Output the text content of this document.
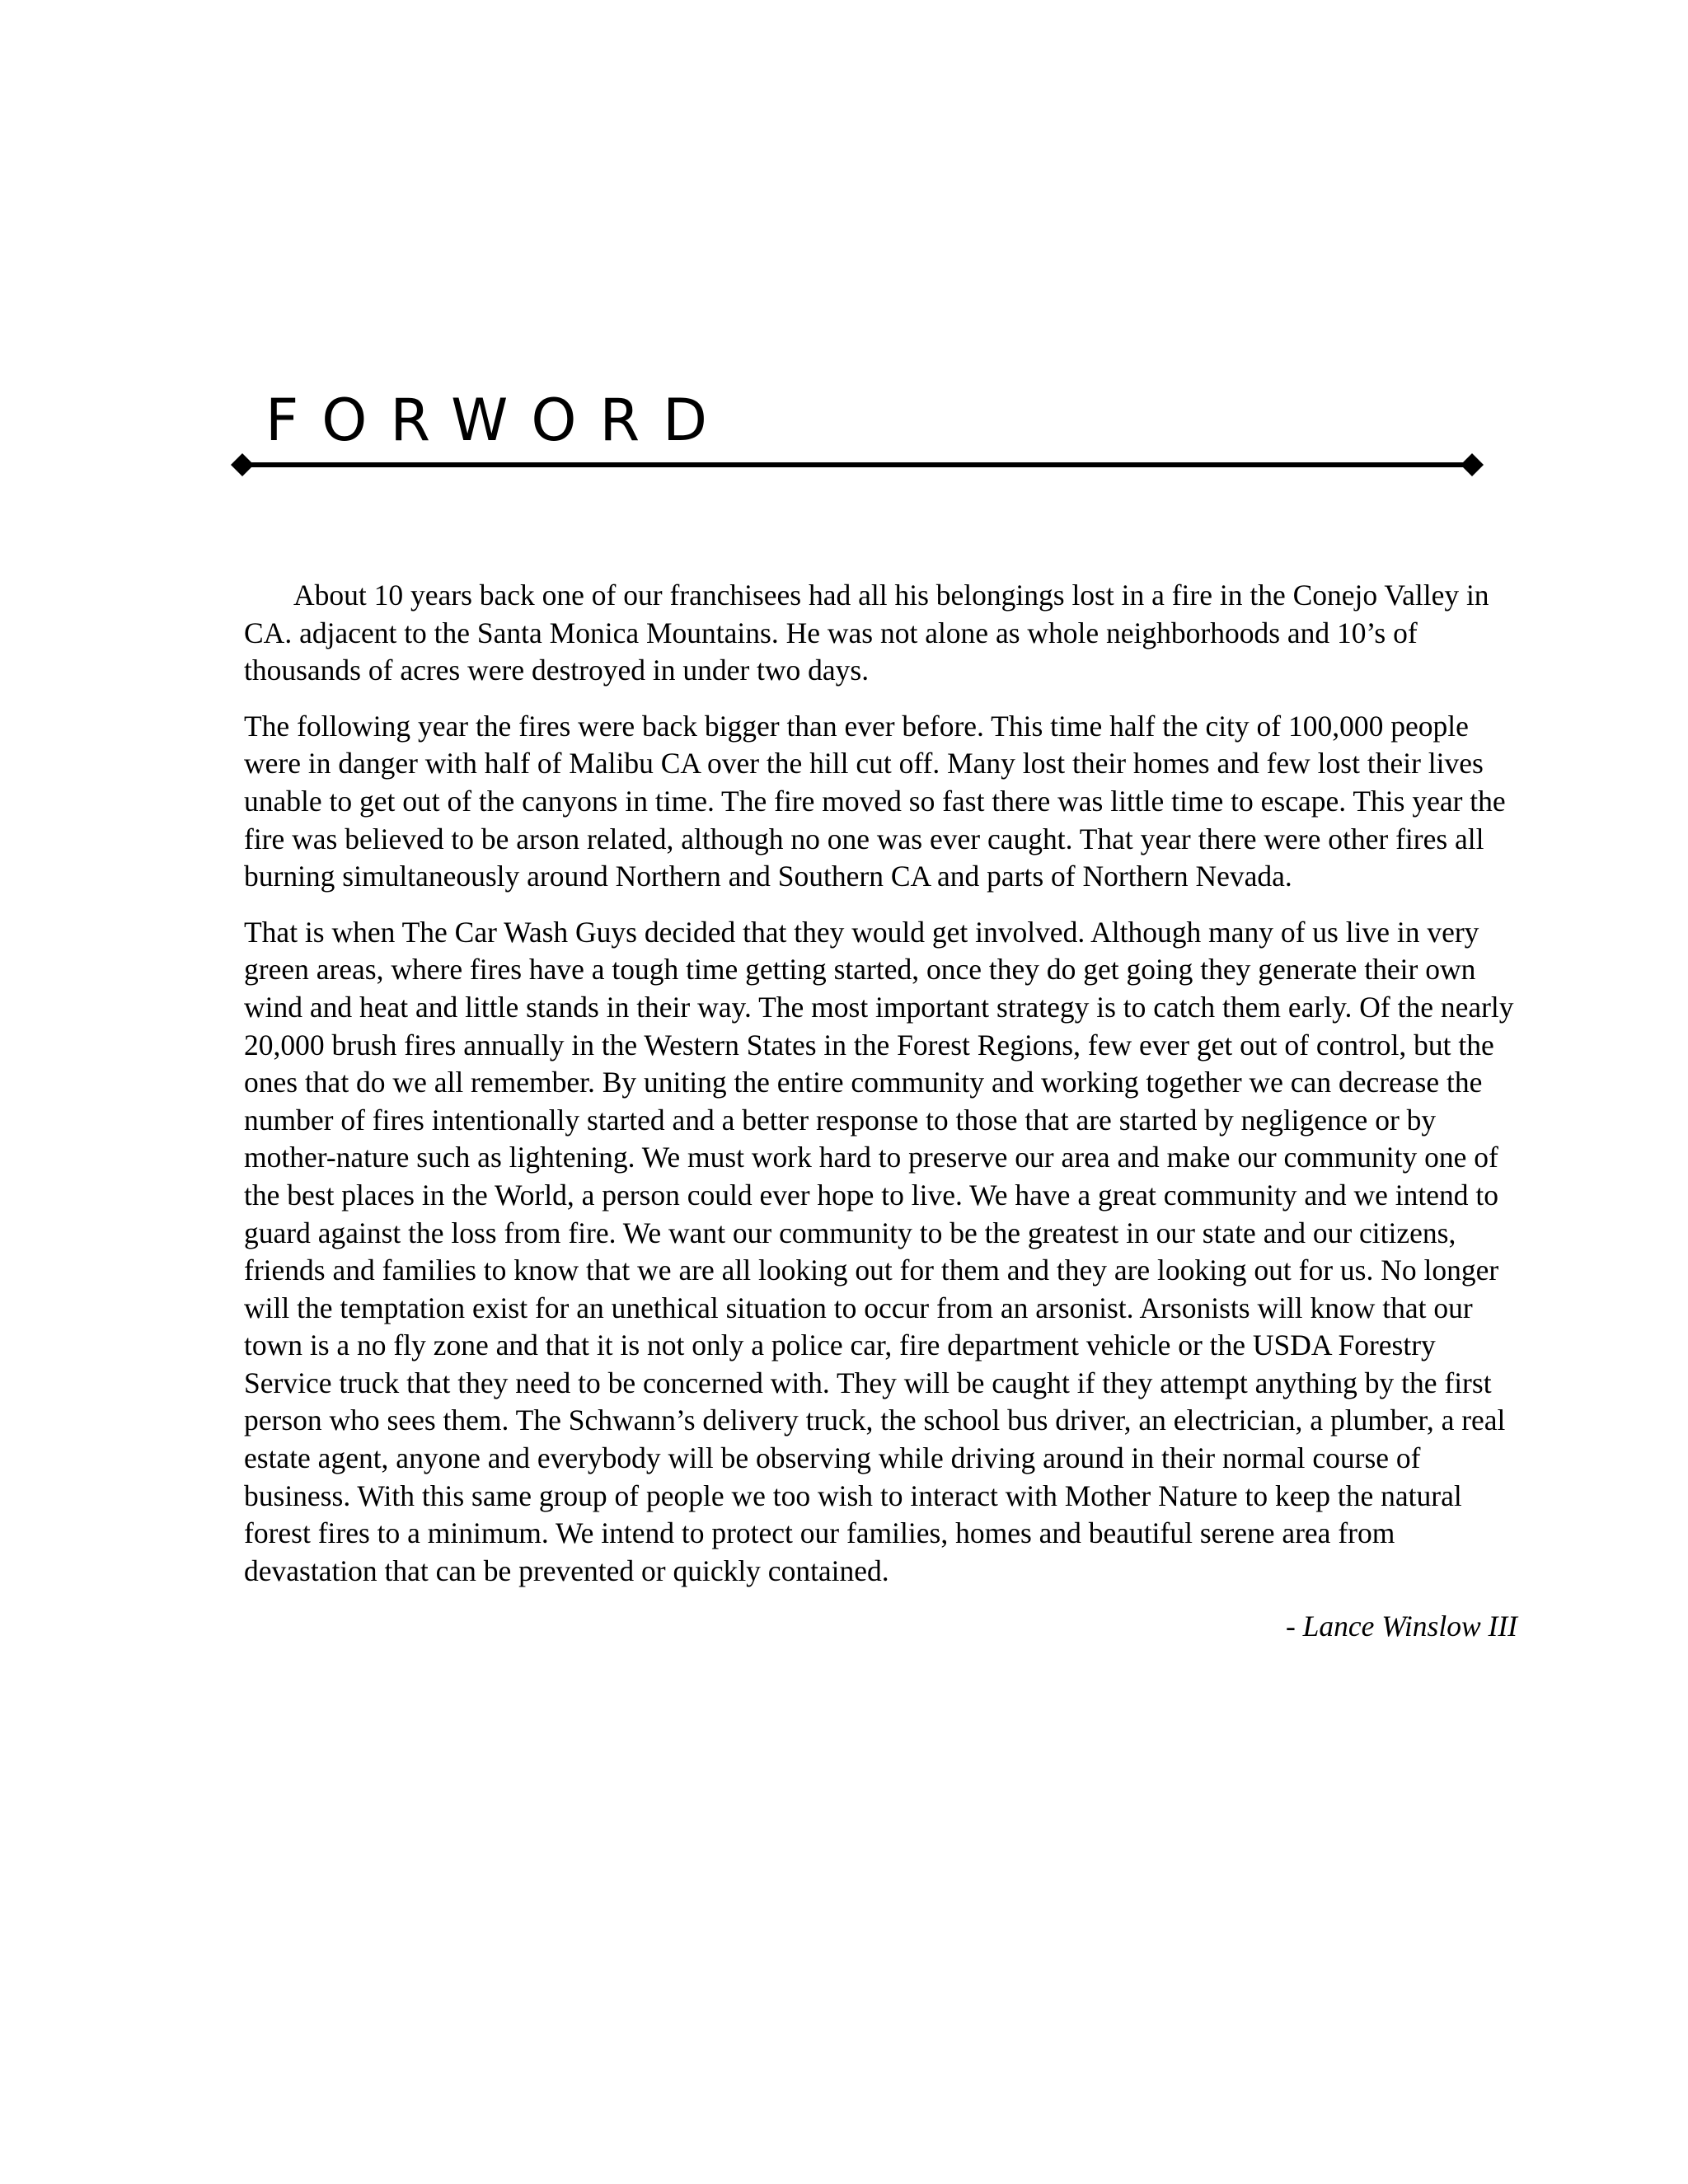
FORWORD

About 10 years back one of our franchisees had all his belongings lost in a fire in the Conejo Valley in CA. adjacent to the Santa Monica Mountains. He was not alone as whole neighborhoods and 10’s of thousands of acres were destroyed in under two days.

The following year the fires were back bigger than ever before. This time half the city of 100,000 people were in danger with half of Malibu CA over the hill cut off. Many lost their homes and few lost their lives unable to get out of the canyons in time. The fire moved so fast there was little time to escape. This year the fire was believed to be arson related, although no one was ever caught. That year there were other fires all burning simultaneously around Northern and Southern CA and parts of Northern Nevada.

That is when The Car Wash Guys decided that they would get involved. Although many of us live in very green areas, where fires have a tough time getting started, once they do get going they generate their own wind and heat and little stands in their way. The most important strategy is to catch them early. Of the nearly 20,000 brush fires annually in the Western States in the Forest Regions, few ever get out of control, but the ones that do we all remember. By uniting the entire community and working together we can decrease the number of fires intentionally started and a better response to those that are started by negligence or by mother-nature such as lightening. We must work hard to preserve our area and make our community one of the best places in the World, a person could ever hope to live. We have a great community and we intend to guard against the loss from fire. We want our community to be the greatest in our state and our citizens, friends and families to know that we are all looking out for them and they are looking out for us. No longer will the temptation exist for an unethical situation to occur from an arsonist. Arsonists will know that our town is a no fly zone and that it is not only a police car, fire department vehicle or the USDA Forestry Service truck that they need to be concerned with. They will be caught if they attempt anything by the first person who sees them. The Schwann’s delivery truck, the school bus driver, an electrician, a plumber, a real estate agent, anyone and everybody will be observing while driving around in their normal course of business. With this same group of people we too wish to interact with Mother Nature to keep the natural forest fires to a minimum. We intend to protect our families, homes and beautiful serene area from devastation that can be prevented or quickly contained.

- Lance Winslow III
